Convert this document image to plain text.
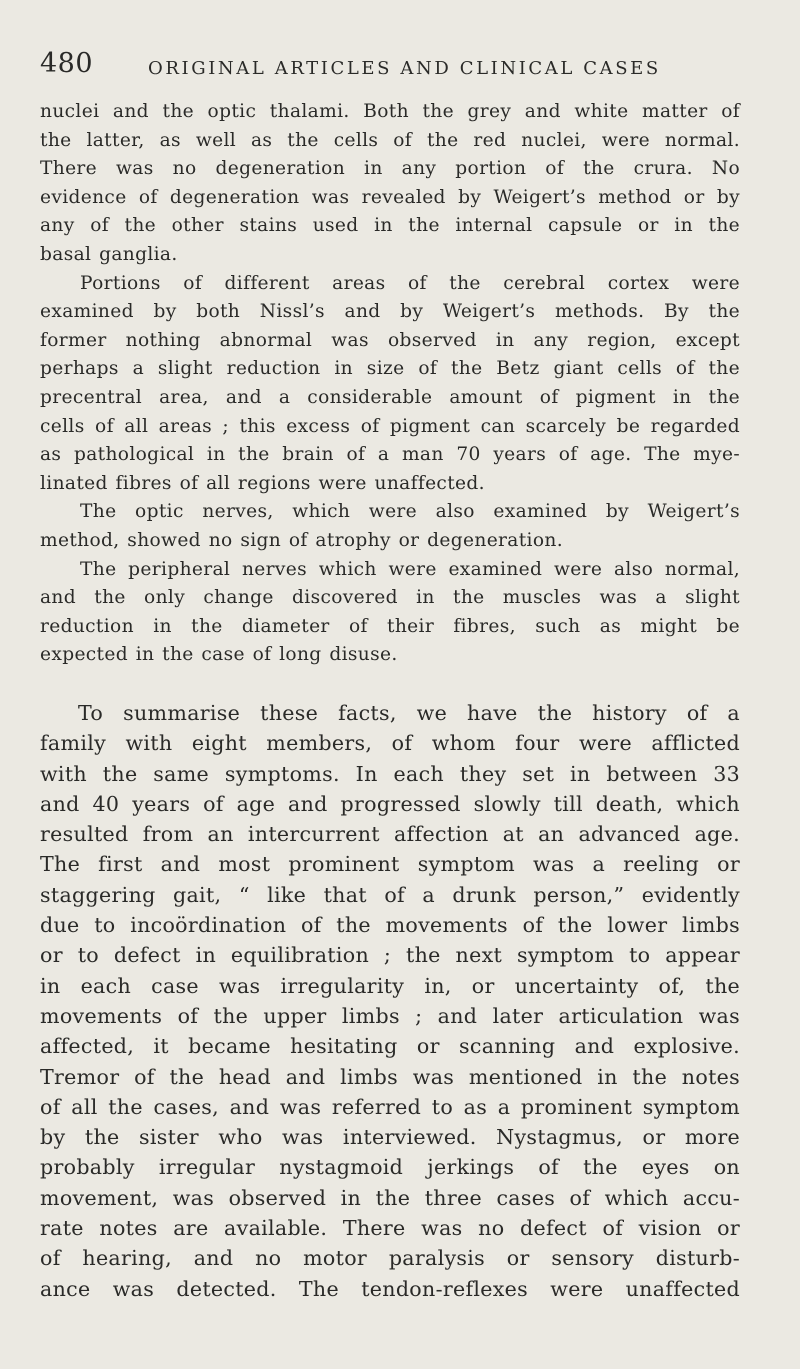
480	ORIGINAL ARTICLES AND CLINICAL CASES

nuclei and the optic thalami. Both the grey and white matter of
the latter, as well as the cells of the red nuclei, were normal.
There was no degeneration in any portion of the crura. No
evidence of degeneration was revealed by Weigert’s method or by
any of the other stains used in the internal capsule or in the
basal ganglia.

Portions of different areas of the cerebral cortex were
examined by both Nissl’s and by Weigert’s methods. By the
former nothing abnormal was observed in any region, except
perhaps a slight reduction in size of the Betz giant cells of the
precentral area, and a considerable amount of pigment in the
cells of all areas ; this excess of pigment can scarcely be regarded
as pathological in the brain of a man 70 years of age. The mye-
linated fibres of all regions were unaffected.

The optic nerves, which were also examined by Weigert’s
method, showed no sign of atrophy or degeneration.

The peripheral nerves which were examined were also normal,
and the only change discovered in the muscles was a slight
reduction in the diameter of their fibres, such as might be
expected in the case of long disuse.

To summarise these facts, we have the history of a
family with eight members, of whom four were afflicted
with the same symptoms. In each they set in between 33
and 40 years of age and progressed slowly till death, which
resulted from an intercurrent affection at an advanced age.
The first and most prominent symptom was a reeling or
staggering gait, “ like that of a drunk person,” evidently
due to incoördination of the movements of the lower limbs
or to defect in equilibration ; the next symptom to appear
in each case was irregularity in, or uncertainty of, the
movements of the upper limbs ; and later articulation was
affected, it became hesitating or scanning and explosive.
Tremor of the head and limbs was mentioned in the notes
of all the cases, and was referred to as a prominent symptom
by the sister who was interviewed. Nystagmus, or more
probably irregular nystagmoid jerkings of the eyes on
movement, was observed in the three cases of which accu-
rate notes are available. There was no defect of vision or
of hearing, and no motor paralysis or sensory disturb-
ance was detected. The tendon-reflexes were unaffected
